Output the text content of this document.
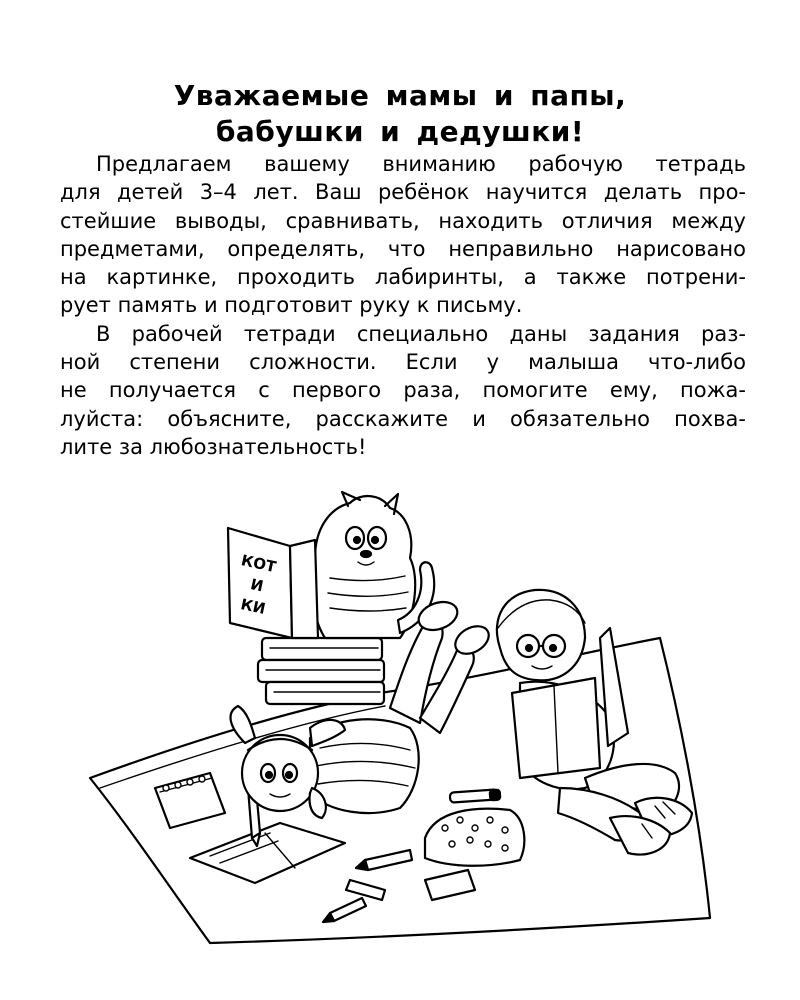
Уважаемые мамы и папы,
бабушки и дедушки!
Предлагаем вашему вниманию рабочую тетрадь
для детей 3–4 лет. Ваш ребёнок научится делать про-
стейшие выводы, сравнивать, находить отличия между
предметами, определять, что неправильно нарисовано
на картинке, проходить лабиринты, а также потрени-
рует память и подготовит руку к письму.
В рабочей тетради специально даны задания раз-
ной степени сложности. Если у малыша что-либо
не получается с первого раза, помогите ему, пожа-
луйста: объясните, расскажите и обязательно похва-
лите за любознательность!
КОТ
И
КИ
